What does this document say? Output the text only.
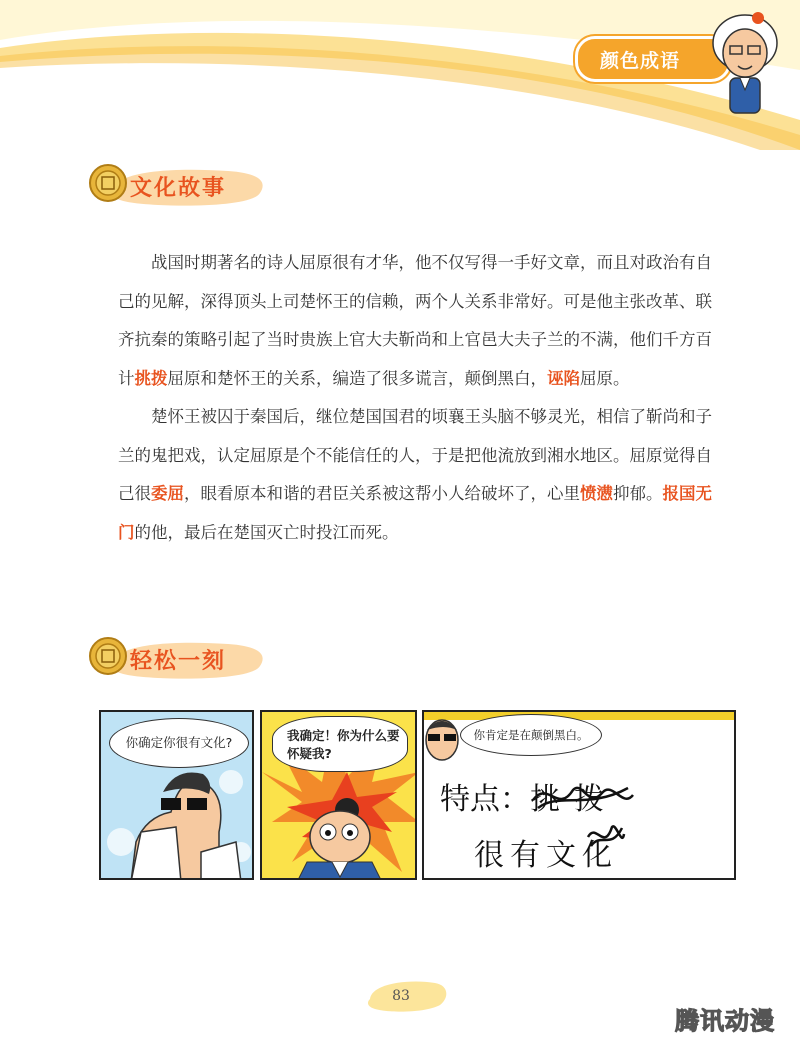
颜色成语
文化故事

战国时期著名的诗人屈原很有才华，他不仅写得一手好文章，而且对政治有自己的见解，深得顶头上司楚怀王的信赖，两个人关系非常好。可是他主张改革、联齐抗秦的策略引起了当时贵族上官大夫靳尚和上官邑大夫子兰的不满，他们千方百计挑拨屈原和楚怀王的关系，编造了很多谎言，颠倒黑白，诬陷屈原。

楚怀王被囚于秦国后，继位楚国国君的顷襄王头脑不够灵光，相信了靳尚和子兰的鬼把戏，认定屈原是个不能信任的人，于是把他流放到湘水地区。屈原觉得自己很委屈，眼看原本和谐的君臣关系被这帮小人给破坏了，心里愤懑抑郁。报国无门的他，最后在楚国灭亡时投江而死。

轻松一刻
你确定你很有文化?	我确定！你为什么要
怀疑我?
你肯定是在颠倒黑白。
特点：挑拨
很有文化
83
腾讯动漫
